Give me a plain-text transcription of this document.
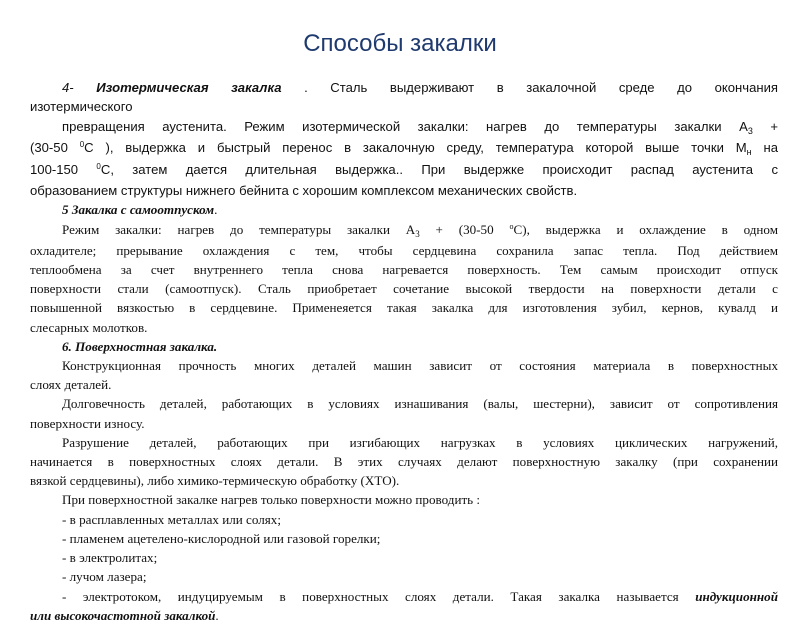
Способы закалки
4- Изотермическая закалка . Сталь выдерживают в закалочной среде до окончания
изотермического
превращения аустенита. Режим изотермической закалки: нагрев до температуры закалки $А_3$ +
(30-50 $^0$С ), выдержка и быстрый перенос в закалочную среду, температура которой выше точки $М_н$ на
100-150 $^0$С, затем дается длительная выдержка.. При выдержке происходит распад аустенита с
образованием структуры нижнего бейнита с хорошим комплексом механических свойств.
5 Закалка с самоотпуском.
Режим закалки: нагрев до температуры закалки $А_3 + (30-50$ $^о$С), выдержка и охлаждение в одном
охладителе; прерывание охлаждения с тем, чтобы сердцевина сохранила запас тепла. Под действием
теплообмена за счет внутреннего тепла снова нагревается поверхность. Тем самым происходит отпуск
поверхности стали (самоотпуск). Сталь приобретает сочетание высокой твердости на поверхности детали с
повышенной вязкостью в сердцевине. Применеяется такая закалка для изготовления зубил, кернов, кувалд и
слесарных молотков.
6. Поверхностная закалка.
Конструкционная прочность многих деталей машин зависит от состояния материала в поверхностных
слоях деталей.
Долговечность деталей, работающих в условиях изнашивания (валы, шестерни), зависит от сопротивления
поверхности износу.
Разрушение деталей, работающих при изгибающих нагрузках в условиях циклических нагружений,
начинается в поверхностных слоях детали. В этих случаях делают поверхностную закалку (при сохранении
вязкой сердцевины), либо химико-термическую обработку (ХТО).
При поверхностной закалке нагрев только поверхности можно проводить :
- в расплавленных металлах или солях;
- пламенем ацетелено-кислородной или газовой горелки;
- в электролитах;
- лучом лазера;
- электротоком, индуцируемым в поверхностных слоях детали. Такая закалка называется индукционной
или высокочастотной закалкой.
